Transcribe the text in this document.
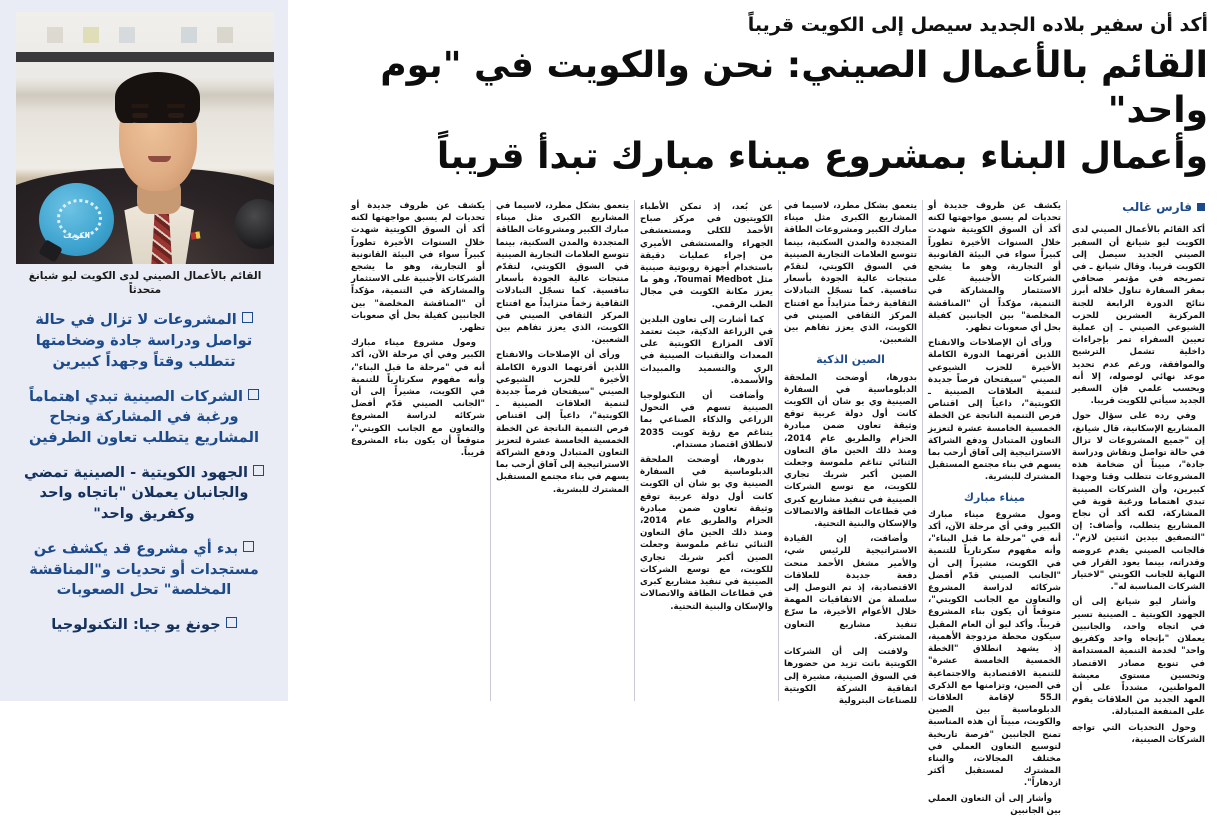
الكويت
القائم بالأعمال الصيني لدى الكويت ليو شيانغ متحدثاً
المشروعات لا تزال في حالة تواصل ودراسة جادة وضخامتها تتطلب وقتاً وجهداً كبيرين
الشركات الصينية تبدي اهتماماً ورغبة في المشاركة ونجاح المشاريع يتطلب تعاون الطرفين
الجهود الكويتية - الصينية تمضي والجانبان يعملان "باتجاه واحد وكفريق واحد"
بدء أي مشروع قد يكشف عن مستجدات أو تحديات و"المناقشة المخلصة" تحل الصعوبات
جونغ يو جيا: التكنولوجيا
أكد أن سفير بلاده الجديد سيصل إلى الكويت قريباً
القائم بالأعمال الصيني: نحن والكويت في "بوم واحد"
وأعمال البناء بمشروع ميناء مبارك تبدأ قريباً
فارس غالب

أكد القائم بالأعمال الصيني لدى الكويت ليو شيانغ أن السفير الصيني الجديد سيصل إلى الكويت قريبا. وقال شيانغ ـ في تصريحه في مؤتمر صحافي بمقر السفارة تناول خلاله أبرز نتائج الدورة الرابعة للجنة المركزية العشرين للحزب الشيوعي الصيني ـ إن عملية تعيين السفراء تمر بإجراءات داخلية تشمل الترشيح والموافقة، ورغم عدم تحديد موعد نهائي لوصوله، إلا أنه وبحسب علمي فإن السفير الجديد سيأتي للكويت قريبا.

وفي رده على سؤال حول المشاريع الإسكانية، قال شيانغ، إن "جميع المشروعات لا تزال في حالة تواصل ونقاش ودراسة جادة"، مبيناً أن ضخامة هذه المشروعات تتطلب وقتا وجهدا كبيرين، وأن الشركات الصينية تبدي اهتماما ورغبة قوية في المشاركة، لكنه أكد أن نجاح المشاريع يتطلب، وأضاف: إن "التصفيق بيدين اثنتين لازم". فالجانب الصيني يقدم عروضه وقدراته، بينما يعود القرار في النهاية للجانب الكويتي "لاختيار الشركات المناسبة له".

وأشار ليو شيانغ إلى أن الجهود الكويتية ـ الصينية تسير في اتجاه واحد، والجانبين يعملان "بإتجاه واحد وكفريق واحد" لخدمة التنمية المستدامة في تنويع مصادر الاقتصاد وتحسين مستوى معيشة المواطنين، مشدداً على أن العهد الجديد من العلاقات يقوم على المنفعة المتبادلة.

وحول التحديات التي تواجه الشركات الصينية،

يكشف عن ظروف جديدة أو تحديات لم يسبق مواجهتها لكنه أكد أن السوق الكويتية شهدت خلال السنوات الأخيرة تطوراً كبيراً سواء في البيئة القانونية أو التجارية، وهو ما يشجع الشركات الأجنبية على الاستثمار والمشاركة في التنمية، مؤكداً أن "المناقشة المخلصة" بين الجانبين كفيلة بحل أي صعوبات تظهر.

ورأى أن الإصلاحات والانفتاح اللذين أقرتهما الدورة الكاملة الأخيرة للحزب الشيوعي الصيني "سيفتحان فرصاً جديدة لتنمية العلاقات الصينية ـ الكويتية"، داعياً إلى اقتناص فرص التنمية الناتجة عن الخطة الخمسية الخامسة عشرة لتعزيز التعاون المتبادل ودفع الشراكة الاستراتيجية إلى آفاق أرحب بما يسهم في بناء مجتمع المستقبل المشترك للبشرية.

ميناء مبارك

ومول مشروع ميناء مبارك الكبير وفي أي مرحلة الآن، أكد أنه في "مرحلة ما قبل البناء"، وأنه مفهوم سكرتارياً للتنمية في الكويت، مشيراً إلى أن "الجانب الصيني قدّم أفضل شركائه لدراسة المشروع والتعاون مع الجانب الكويتي"، متوقعاً أن يكون بناء المشروع قريباً. وأكد ليو أن العام المقبل سيكون محطة مزدوجة الأهمية، إذ يشهد انطلاق "الخطة الخمسية الخامسة عشرة" للتنمية الاقتصادية والاجتماعية في الصين، وتزامنها مع الذكرى الـ55 لإقامة العلاقات الدبلوماسية بين الصين والكويت، مبيناً أن هذه المناسبة تمنح الجانبين "فرصة تاريخية لتوسيع التعاون العملي في مختلف المجالات، والبناء المشترك لمستقبل أكثر ازدهاراً".

وأشار إلى أن التعاون العملي بين الجانبين

يتعمق بشكل مطرد، لاسيما في المشاريع الكبرى مثل ميناء مبارك الكبير ومشروعات الطاقة المتجددة والمدن السكنية، بينما تتوسع العلامات التجارية الصينية في السوق الكويتي، لتقدّم منتجات عالية الجودة بأسعار تنافسية. كما تسجّل التبادلات الثقافية زخماً متزايداً مع افتتاح المركز الثقافي الصيني في الكويت، الذي يعزز تفاهم بين الشعبين.

الصين الذكية

بدورها، أوضحت الملحقة الدبلوماسية في السفارة الصينية وي يو شان أن الكويت كانت أول دولة عربية توقع وثيقة تعاون ضمن مبادرة الحزام والطريق عام 2014، ومنذ ذلك الحين ماق التعاون الثنائي تناغم ملموسة وجعلت الصين أكبر شريك تجاري للكويت، مع توسع الشركات الصينية في تنفيذ مشاريع كبرى في قطاعات الطاقة والاتصالات والإسكان والبنية التحتية.

وأضافت، إن القيادة الاستراتيجية للرئيس شي، والأمير مشغل الأحمد منحت دفعة جديدة للعلاقات الاقتصادية، إذ تم التوصل إلى سلسلة من الاتفاقيات المهمة خلال الأعوام الأخيرة، ما سرّع تنفيذ مشاريع التعاون المشتركة.

ولافتت إلى أن الشركات الكويتية باتت تزيد من حضورها في السوق الصينية، مشيرة إلى اتفاقية الشركة الكويتية للصناعات البترولية

عن بُعد، إذ تمكن الأطباء الكويتيون في مركز صباح الأحمد للكلى ومستعشفى الجهراء والمستشفى الأميري من إجراء عمليات دقيقة باستخدام أجهزة روبوتية صينية مثل Toumai Medbot، وهو ما يعزز مكانة الكويت في مجال الطب الرقمي.

كما أشارت إلى تعاون البلدين في الزراعة الذكية، حيث تعتمد آلاف المزارع الكويتية على المعدات والتقنيات الصينية في الري والتسميد والمبيدات والأسمدة.

وأضافت أن التكنولوجيا الصينية تسهم في التحول الزراعي والذكاء الصناعي بما يتناغم مع رؤية كويت 2035 لانطلاق اقتصاد مستدام.

بدورها، أوضحت الملحقة الدبلوماسية في السفارة الصينية وي يو شان أن الكويت كانت أول دولة عربية توقع وثيقة تعاون ضمن مبادرة الحزام والطريق عام 2014، ومنذ ذلك الحين ماق التعاون الثنائي تناغم ملموسة وجعلت الصين أكبر شريك تجاري للكويت، مع توسع الشركات الصينية في تنفيذ مشاريع كبرى في قطاعات الطاقة والاتصالات والإسكان والبنية التحتية.

يتعمق بشكل مطرد، لاسيما في المشاريع الكبرى مثل ميناء مبارك الكبير ومشروعات الطاقة المتجددة والمدن السكنية، بينما تتوسع العلامات التجارية الصينية في السوق الكويتي، لتقدّم منتجات عالية الجودة بأسعار تنافسية. كما تسجّل التبادلات الثقافية زخماً متزايداً مع افتتاح المركز الثقافي الصيني في الكويت، الذي يعزز تفاهم بين الشعبين.

ورأى أن الإصلاحات والانفتاح اللذين أقرتهما الدورة الكاملة الأخيرة للحزب الشيوعي الصيني "سيفتحان فرصاً جديدة لتنمية العلاقات الصينية ـ الكويتية"، داعياً إلى اقتناص فرص التنمية الناتجة عن الخطة الخمسية الخامسة عشرة لتعزيز التعاون المتبادل ودفع الشراكة الاستراتيجية إلى آفاق أرحب بما يسهم في بناء مجتمع المستقبل المشترك للبشرية.

يكشف عن ظروف جديدة أو تحديات لم يسبق مواجهتها لكنه أكد أن السوق الكويتية شهدت خلال السنوات الأخيرة تطوراً كبيراً سواء في البيئة القانونية أو التجارية، وهو ما يشجع الشركات الأجنبية على الاستثمار والمشاركة في التنمية، مؤكداً أن "المناقشة المخلصة" بين الجانبين كفيلة بحل أي صعوبات تظهر.

ومول مشروع ميناء مبارك الكبير وفي أي مرحلة الآن، أكد أنه في "مرحلة ما قبل البناء"، وأنه مفهوم سكرتارياً للتنمية في الكويت، مشيراً إلى أن "الجانب الصيني قدّم أفضل شركائه لدراسة المشروع والتعاون مع الجانب الكويتي"، متوقعاً أن يكون بناء المشروع قريباً.
